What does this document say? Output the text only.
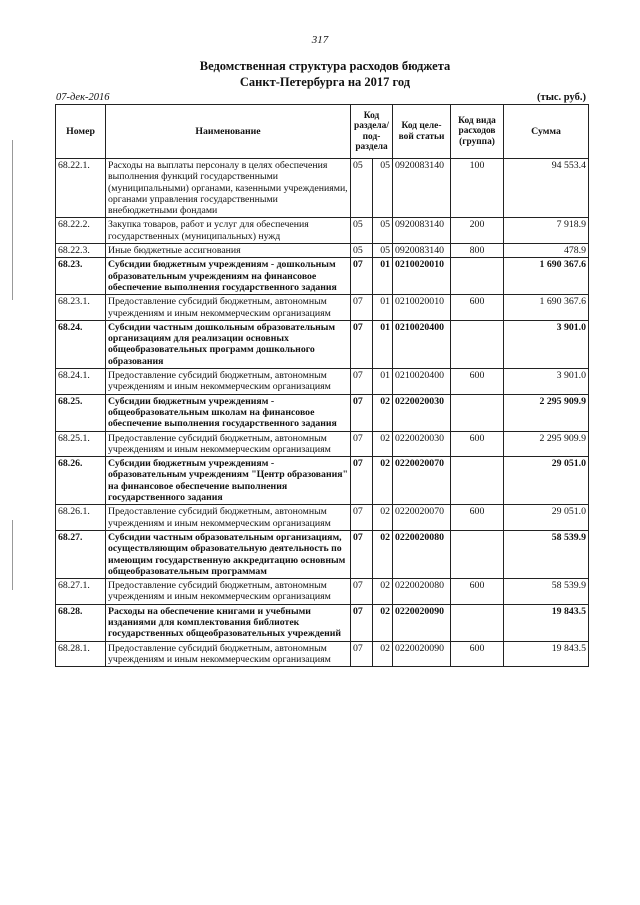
317
Ведомственная структура расходов бюджета
Санкт-Петербурга на 2017 год
07-дек-2016	(тыс. руб.)
Номер	Наименование	Код раздела/ под- раздела		Код целе- вой статьи	Код вида расходов (группа)	Сумма
68.22.1.	Расходы на выплаты персоналу в целях обеспечения выполнения функций государственными (муниципальными) органами, казенными учреждениями, органами управления государственными внебюджетными фондами	05	05	0920083140	100	94 553.4
68.22.2.	Закупка товаров, работ и услуг для обеспечения государственных (муниципальных) нужд	05	05	0920083140	200	7 918.9
68.22.3.	Иные бюджетные ассигнования	05	05	0920083140	800	478.9
68.23.	Субсидии бюджетным учреждениям - дошкольным образовательным учреждениям на финансовое обеспечение выполнения государственного задания	07	01	0210020010		1 690 367.6
68.23.1.	Предоставление субсидий бюджетным, автономным учреждениям и иным некоммерческим организациям	07	01	0210020010	600	1 690 367.6
68.24.	Субсидии частным дошкольным образовательным организациям для реализации основных общеобразовательных программ дошкольного образования	07	01	0210020400		3 901.0
68.24.1.	Предоставление субсидий бюджетным, автономным учреждениям и иным некоммерческим организациям	07	01	0210020400	600	3 901.0
68.25.	Субсидии бюджетным учреждениям - общеобразовательным школам на финансовое обеспечение выполнения государственного задания	07	02	0220020030		2 295 909.9
68.25.1.	Предоставление субсидий бюджетным, автономным учреждениям и иным некоммерческим организациям	07	02	0220020030	600	2 295 909.9
68.26.	Субсидии бюджетным учреждениям - образовательным учреждениям "Центр образования" на финансовое обеспечение выполнения государственного задания	07	02	0220020070		29 051.0
68.26.1.	Предоставление субсидий бюджетным, автономным учреждениям и иным некоммерческим организациям	07	02	0220020070	600	29 051.0
68.27.	Субсидии частным образовательным организациям, осуществляющим образовательную деятельность по имеющим государственную аккредитацию основным общеобразовательным программам	07	02	0220020080		58 539.9
68.27.1.	Предоставление субсидий бюджетным, автономным учреждениям и иным некоммерческим организациям	07	02	0220020080	600	58 539.9
68.28.	Расходы на обеспечение книгами и учебными изданиями для комплектования библиотек государственных общеобразовательных учреждений	07	02	0220020090		19 843.5
68.28.1.	Предоставление субсидий бюджетным, автономным учреждениям и иным некоммерческим организациям	07	02	0220020090	600	19 843.5
